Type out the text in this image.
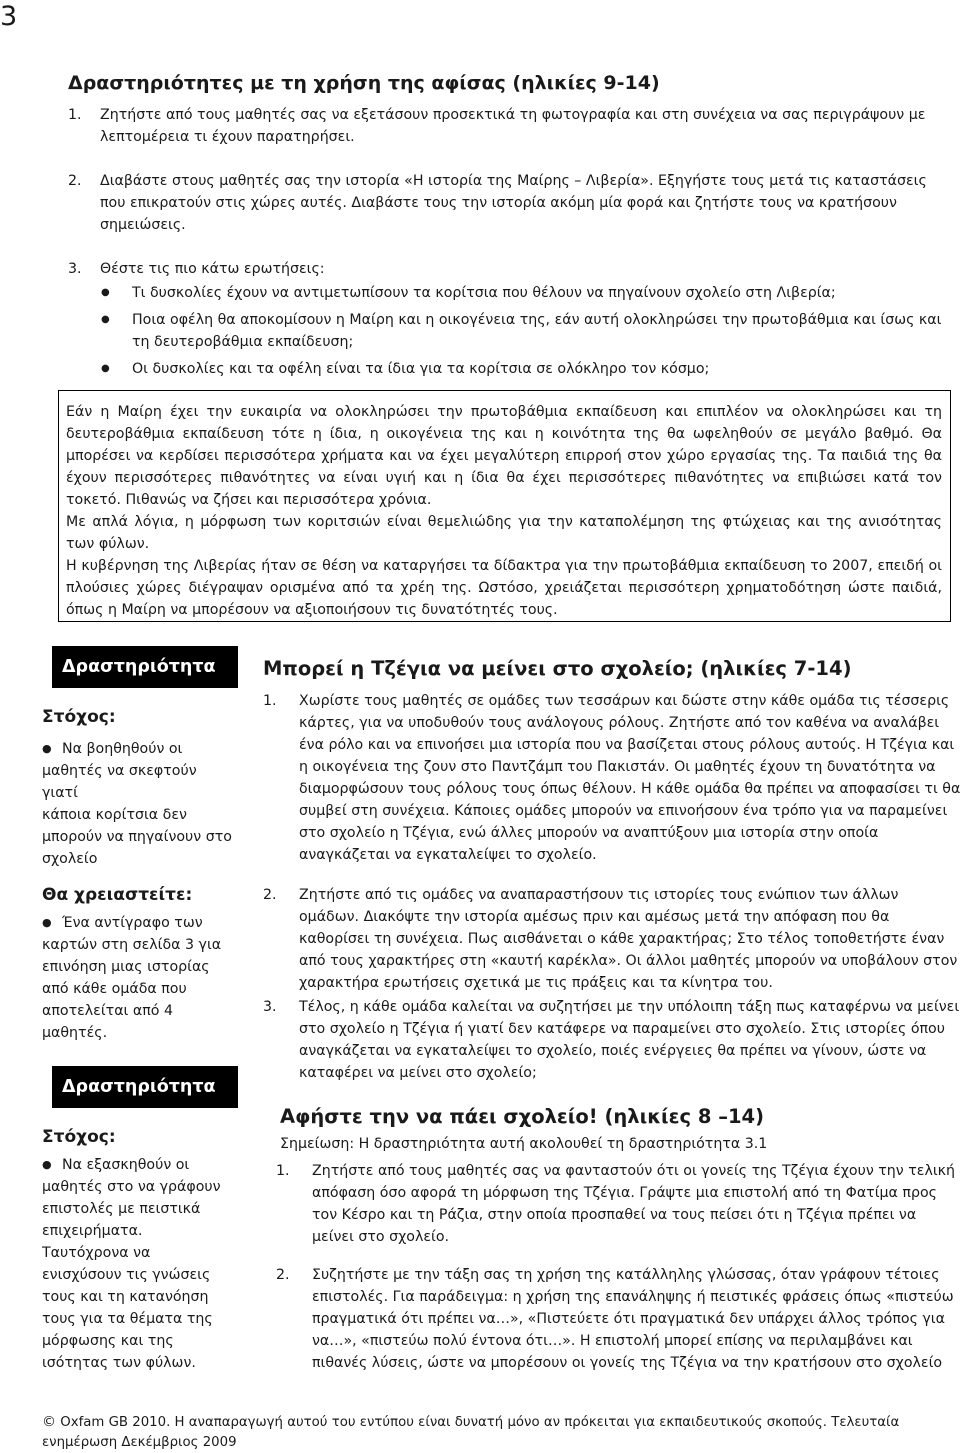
3
Δραστηριότητες με τη χρήση της αφίσας (ηλικίες 9-14)
1. Ζητήστε από τους μαθητές σας να εξετάσουν προσεκτικά τη φωτογραφία και στη συνέχεια να σας περιγράψουν με λεπτομέρεια τι έχουν παρατηρήσει.
2. Διαβάστε στους μαθητές σας την ιστορία «Η ιστορία της Μαίρης – Λιβερία». Εξηγήστε τους μετά τις καταστάσεις που επικρατούν στις χώρες αυτές. Διαβάστε τους την ιστορία ακόμη μία φορά και ζητήστε τους να κρατήσουν σημειώσεις.
3. Θέστε τις πιο κάτω ερωτήσεις:
● Τι δυσκολίες έχουν να αντιμετωπίσουν τα κορίτσια που θέλουν να πηγαίνουν σχολείο στη Λιβερία;
● Ποια οφέλη θα αποκομίσουν η Μαίρη και η οικογένεια της, εάν αυτή ολοκληρώσει την πρωτοβάθμια και ίσως και τη δευτεροβάθμια εκπαίδευση;
● Οι δυσκολίες και τα οφέλη είναι τα ίδια για τα κορίτσια σε ολόκληρο τον κόσμο;

Εάν η Μαίρη έχει την ευκαιρία να ολοκληρώσει την πρωτοβάθμια εκπαίδευση και επιπλέον να ολοκληρώσει και τη δευτεροβάθμια εκπαίδευση τότε η ίδια, η οικογένεια της και η κοινότητα της θα ωφεληθούν σε μεγάλο βαθμό. Θα μπορέσει να κερδίσει περισσότερα χρήματα και να έχει μεγαλύτερη επιρροή στον χώρο εργασίας της. Τα παιδιά της θα έχουν περισσότερες πιθανότητες να είναι υγιή και η ίδια θα έχει περισσότερες πιθανότητες να επιβιώσει κατά τον τοκετό. Πιθανώς να ζήσει και περισσότερα χρόνια.

Με απλά λόγια, η μόρφωση των κοριτσιών είναι θεμελιώδης για την καταπολέμηση της φτώχειας και της ανισότητας των φύλων.

Η κυβέρνηση της Λιβερίας ήταν σε θέση να καταργήσει τα δίδακτρα για την πρωτοβάθμια εκπαίδευση το 2007, επειδή οι πλούσιες χώρες διέγραψαν ορισμένα από τα χρέη της. Ωστόσο, χρειάζεται περισσότερη χρηματοδότηση ώστε παιδιά, όπως η Μαίρη να μπορέσουν να αξιοποιήσουν τις δυνατότητές τους.

Δραστηριότητα 3.1
Μπορεί η Τζέγια να μείνει στο σχολείο; (ηλικίες 7-14)
Στόχος:
● Να βοηθηθούν οι
μαθητές να σκεφτούν γιατί
κάποια κορίτσια δεν
μπορούν να πηγαίνουν στο
σχολείο
Θα χρειαστείτε:
● Ένα αντίγραφο των
καρτών στη σελίδα 3 για
επινόηση μιας ιστορίας
από κάθε ομάδα που
αποτελείται από 4
μαθητές.
1. Χωρίστε τους μαθητές σε ομάδες των τεσσάρων και δώστε στην κάθε ομάδα τις τέσσερις κάρτες, για να υποδυθούν τους ανάλογους ρόλους. Ζητήστε από τον καθένα να αναλάβει ένα ρόλο και να επινοήσει μια ιστορία που να βασίζεται στους ρόλους αυτούς. Η Τζέγια και η οικογένεια της ζουν στο Παντζάμπ του Πακιστάν. Οι μαθητές έχουν τη δυνατότητα να διαμορφώσουν τους ρόλους τους όπως θέλουν. Η κάθε ομάδα θα πρέπει να αποφασίσει τι θα συμβεί στη συνέχεια. Κάποιες ομάδες μπορούν να επινοήσουν ένα τρόπο για να παραμείνει στο σχολείο η Τζέγια, ενώ άλλες μπορούν να αναπτύξουν μια ιστορία στην οποία αναγκάζεται να εγκαταλείψει το σχολείο.
2. Ζητήστε από τις ομάδες να αναπαραστήσουν τις ιστορίες τους ενώπιον των άλλων ομάδων. Διακόψτε την ιστορία αμέσως πριν και αμέσως μετά την απόφαση που θα καθορίσει τη συνέχεια. Πως αισθάνεται ο κάθε χαρακτήρας; Στο τέλος τοποθετήστε έναν από τους χαρακτήρες στη «καυτή καρέκλα». Οι άλλοι μαθητές μπορούν να υποβάλουν στον χαρακτήρα ερωτήσεις σχετικά με τις πράξεις και τα κίνητρα του.
3. Τέλος, η κάθε ομάδα καλείται να συζητήσει με την υπόλοιπη τάξη πως καταφέρνω να μείνει στο σχολείο η Τζέγια ή γιατί δεν κατάφερε να παραμείνει στο σχολείο. Στις ιστορίες όπου αναγκάζεται να εγκαταλείψει το σχολείο, ποιές ενέργειες θα πρέπει να γίνουν, ώστε να καταφέρει να μείνει στο σχολείο;
Δραστηριότητα 3.2	Αφήστε την να πάει σχολείο! (ηλικίες 8 –14)
Σημείωση: Η δραστηριότητα αυτή ακολουθεί τη δραστηριότητα 3.1
Στόχος:
● Να εξασκηθούν οι
μαθητές στο να γράφουν
επιστολές με πειστικά
επιχειρήματα.
Ταυτόχρονα να
ενισχύσουν τις γνώσεις
τους και τη κατανόηση
τους για τα θέματα της
μόρφωσης και της
ισότητας των φύλων.
1. Ζητήστε από τους μαθητές σας να φανταστούν ότι οι γονείς της Τζέγια έχουν την τελική απόφαση όσο αφορά τη μόρφωση της Τζέγια. Γράψτε μια επιστολή από τη Φατίμα προς τον Κέσρο και τη Ράζια, στην οποία προσπαθεί να τους πείσει ότι η Τζέγια πρέπει να μείνει στο σχολείο.
2. Συζητήστε με την τάξη σας τη χρήση της κατάλληλης γλώσσας, όταν γράφουν τέτοιες επιστολές. Για παράδειγμα: η χρήση της επανάληψης ή πειστικές φράσεις όπως «πιστεύω πραγματικά ότι πρέπει να…», «Πιστεύετε ότι πραγματικά δεν υπάρχει άλλος τρόπος για να…», «πιστεύω πολύ έντονα ότι…». Η επιστολή μπορεί επίσης να περιλαμβάνει και πιθανές λύσεις, ώστε να μπορέσουν οι γονείς της Τζέγια να την κρατήσουν στο σχολείο
© Oxfam GB 2010. Η αναπαραγωγή αυτού του εντύπου είναι δυνατή μόνο αν πρόκειται για εκπαιδευτικούς σκοπούς. Τελευταία ενημέρωση Δεκέμβριος 2009
